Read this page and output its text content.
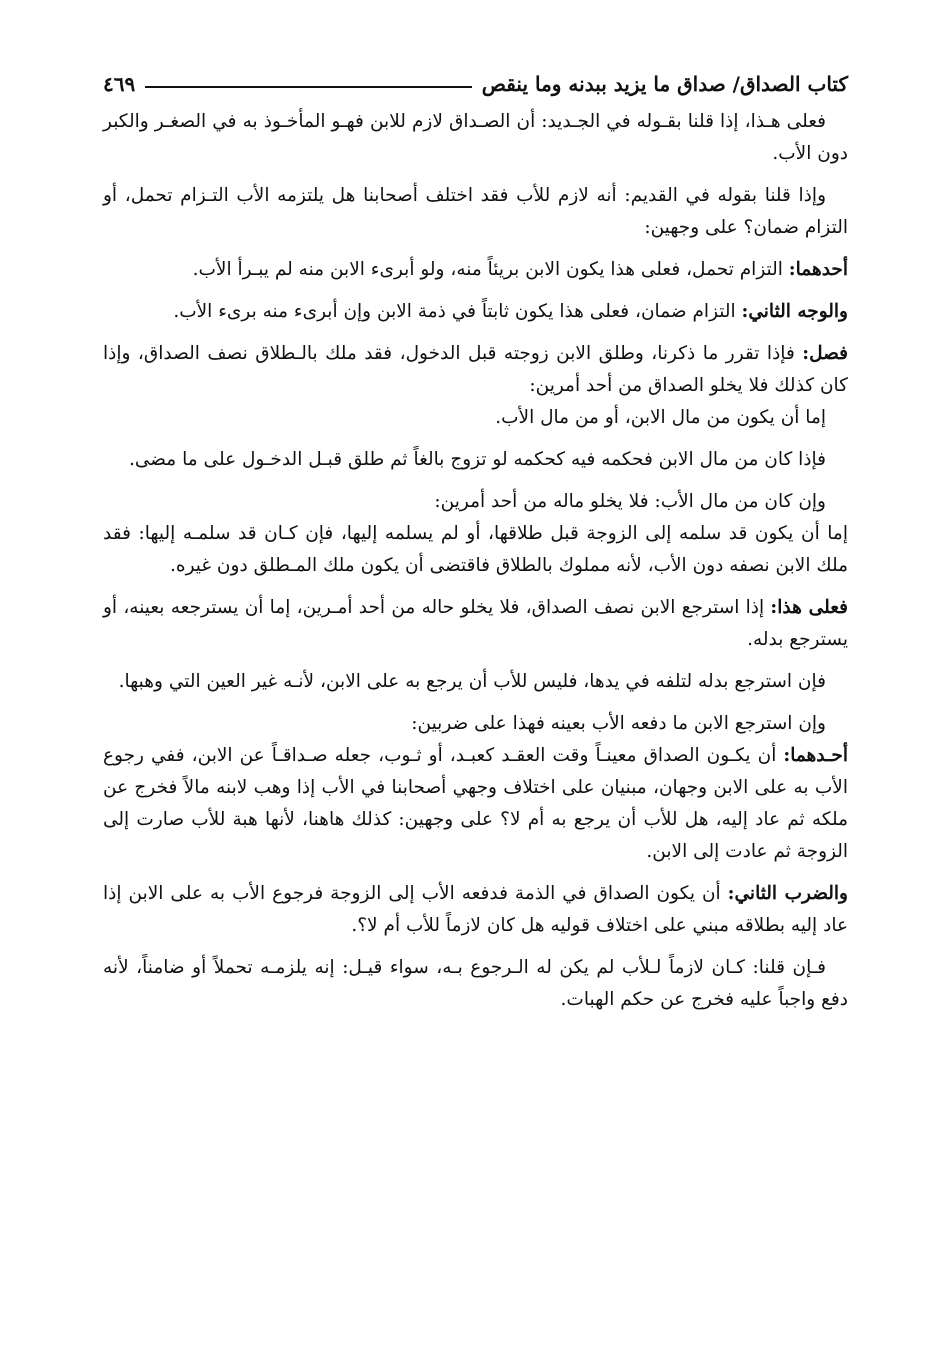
كتاب الصداق/ صداق ما يزيد ببدنه وما ينقص
٤٦٩

فعلى هـذا، إذا قلنا بقـوله في الجـديد: أن الصـداق لازم للابن فهـو المأخـوذ به في الصغـر والكبر دون الأب.

وإذا قلنا بقوله في القديم: أنه لازم للأب فقد اختلف أصحابنا هل يلتزمه الأب التـزام تحمل، أو التزام ضمان؟ على وجهين:

أحدهما: التزام تحمل، فعلى هذا يكون الابن بريئاً منه، ولو أبرىء الابن منه لم يبـرأ الأب.

والوجه الثاني: التزام ضمان، فعلى هذا يكون ثابتاً في ذمة الابن وإن أبرىء منه برىء الأب.

فصل: فإذا تقرر ما ذكرنا، وطلق الابن زوجته قبل الدخول، فقد ملك بالـطلاق نصف الصداق، وإذا كان كذلك فلا يخلو الصداق من أحد أمرين:

إما أن يكون من مال الابن، أو من مال الأب.

فإذا كان من مال الابن فحكمه فيه كحكمه لو تزوج بالغاً ثم طلق قبـل الدخـول على ما مضى.

وإن كان من مال الأب: فلا يخلو ماله من أحد أمرين:

إما أن يكون قد سلمه إلى الزوجة قبل طلاقها، أو لم يسلمه إليها، فإن كـان قد سلمـه إليها: فقد ملك الابن نصفه دون الأب، لأنه مملوك بالطلاق فاقتضى أن يكون ملك المـطلق دون غيره.

فعلى هذا: إذا استرجع الابن نصف الصداق، فلا يخلو حاله من أحد أمـرين، إما أن يسترجعه بعينه، أو يسترجع بدله.

فإن استرجع بدله لتلفه في يدها، فليس للأب أن يرجع به على الابن، لأنـه غير العين التي وهبها.

وإن استرجع الابن ما دفعه الأب بعينه فهذا على ضربين:

أحـدهما: أن يكـون الصداق معينـاً وقت العقـد كعبـد، أو ثـوب، جعله صـداقـاً عن الابن، ففي رجوع الأب به على الابن وجهان، مبنيان على اختلاف وجهي أصحابنا في الأب إذا وهب لابنه مالاً فخرج عن ملكه ثم عاد إليه، هل للأب أن يرجع به أم لا؟ على وجهين: كذلك هاهنا، لأنها هبة للأب صارت إلى الزوجة ثم عادت إلى الابن.

والضرب الثاني: أن يكون الصداق في الذمة فدفعه الأب إلى الزوجة فرجوع الأب به على الابن إذا عاد إليه بطلاقه مبني على اختلاف قوليه هل كان لازماً للأب أم لا؟.

فـإن قلنا: كـان لازماً لـلأب لم يكن له الـرجوع بـه، سواء قيـل: إنه يلزمـه تحملاً أو ضامناً، لأنه دفع واجباً عليه فخرج عن حكم الهبات.
